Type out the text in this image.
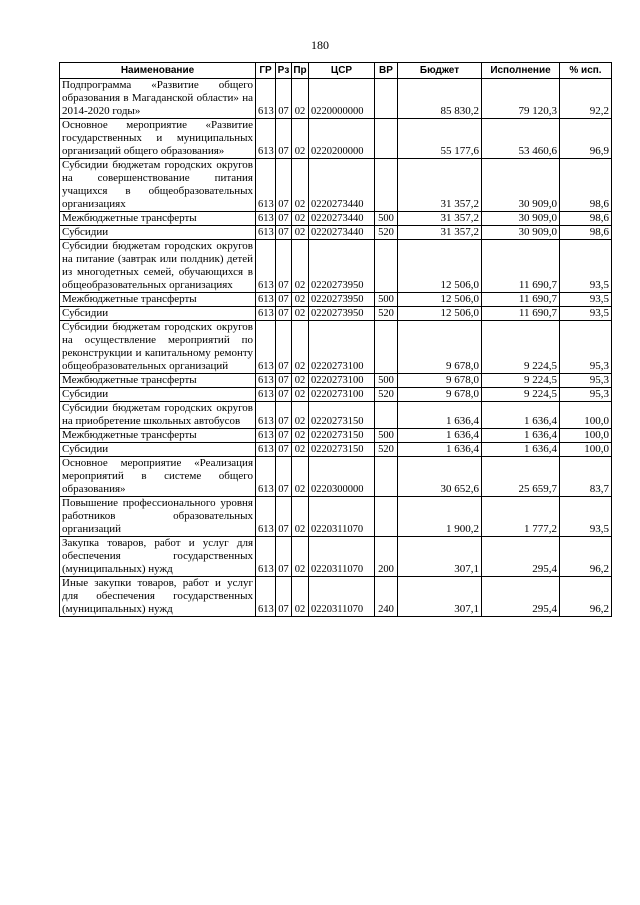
180
Наименование	ГР	Рз	Пр	ЦСР	ВР	Бюджет	Исполнение	% исп.
Подпрограмма «Развитие общего образования в Магаданской области» на 2014-2020 годы»	613	07	02	0220000000		85 830,2	79 120,3	92,2
Основное мероприятие «Развитие государственных и муниципальных организаций общего образования»	613	07	02	0220200000		55 177,6	53 460,6	96,9
Субсидии бюджетам городских округов на совершенствование питания учащихся в общеобразовательных организациях	613	07	02	0220273440		31 357,2	30 909,0	98,6
Межбюджетные трансферты	613	07	02	0220273440	500	31 357,2	30 909,0	98,6
Субсидии	613	07	02	0220273440	520	31 357,2	30 909,0	98,6
Субсидии бюджетам городских округов на питание (завтрак или полдник) детей из многодетных семей, обучающихся в общеобразовательных организациях	613	07	02	0220273950		12 506,0	11 690,7	93,5
Межбюджетные трансферты	613	07	02	0220273950	500	12 506,0	11 690,7	93,5
Субсидии	613	07	02	0220273950	520	12 506,0	11 690,7	93,5
Субсидии бюджетам городских округов на осуществление мероприятий по реконструкции и капитальному ремонту общеобразовательных организаций	613	07	02	0220273100		9 678,0	9 224,5	95,3
Межбюджетные трансферты	613	07	02	0220273100	500	9 678,0	9 224,5	95,3
Субсидии	613	07	02	0220273100	520	9 678,0	9 224,5	95,3
Субсидии бюджетам городских округов на приобретение школьных автобусов	613	07	02	0220273150		1 636,4	1 636,4	100,0
Межбюджетные трансферты	613	07	02	0220273150	500	1 636,4	1 636,4	100,0
Субсидии	613	07	02	0220273150	520	1 636,4	1 636,4	100,0
Основное мероприятие «Реализация мероприятий в системе общего образования»	613	07	02	0220300000		30 652,6	25 659,7	83,7
Повышение профессионального уровня работников образовательных организаций	613	07	02	0220311070		1 900,2	1 777,2	93,5
Закупка товаров, работ и услуг для обеспечения государственных (муниципальных) нужд	613	07	02	0220311070	200	307,1	295,4	96,2
Иные закупки товаров, работ и услуг для обеспечения государственных (муниципальных) нужд	613	07	02	0220311070	240	307,1	295,4	96,2
